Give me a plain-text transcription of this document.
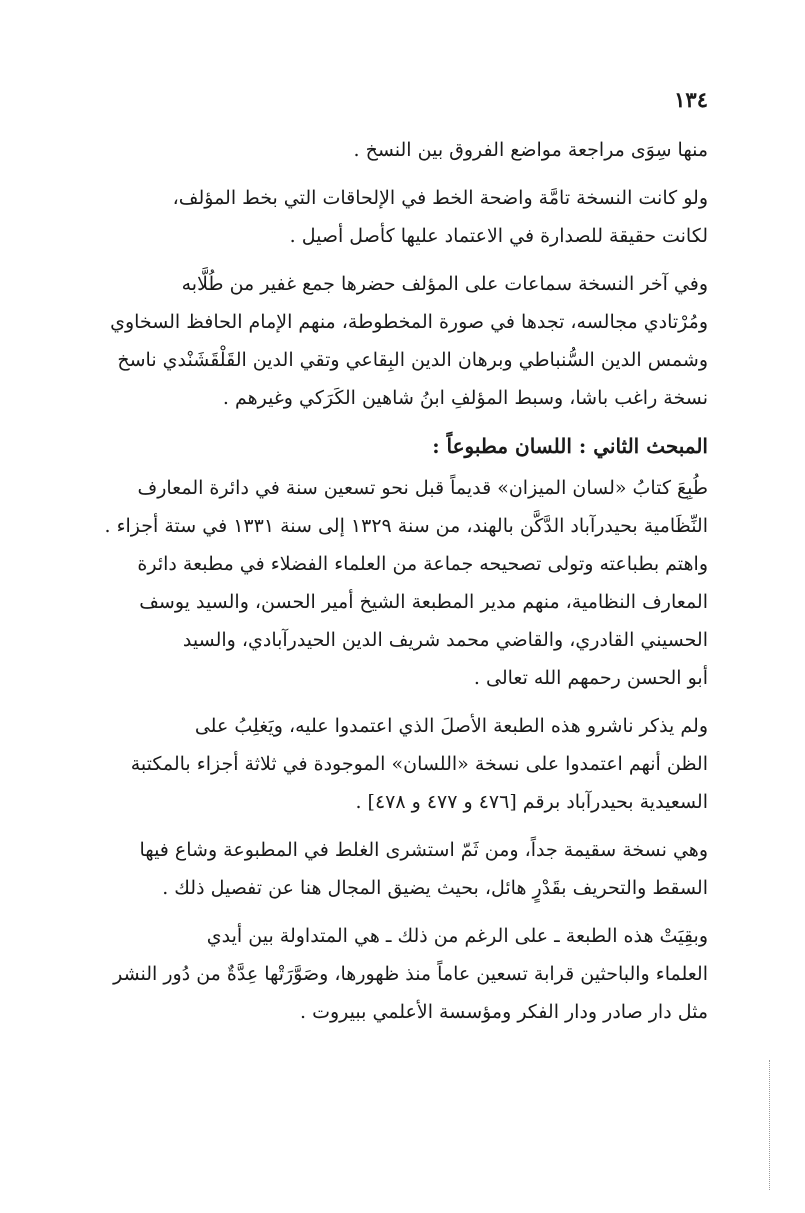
١٣٤
منها سِوَى مراجعة مواضع الفروق بين النسخ .
ولو كانت النسخة تامَّة واضحة الخط في الإلحاقات التي بخط المؤلف،
لكانت حقيقة للصدارة في الاعتماد عليها كأصل أصيل .
وفي آخر النسخة سماعات على المؤلف حضرها جمع غفير من طُلَّابه
ومُرْتادي مجالسه، تجدها في صورة المخطوطة، منهم الإمام الحافظ السخاوي
وشمس الدين السُّنباطي وبرهان الدين البِقاعي وتقي الدين القَلْقَشَنْدي ناسخ
نسخة راغب باشا، وسبط المؤلفِ ابنُ شاهين الكَرَكي وغيرهم .
المبحث الثاني : اللسان مطبوعاً :
طُبِعَ كتابُ «لسان الميزان» قديماً قبل نحو تسعين سنة في دائرة المعارف
النِّظَامية بحيدرآباد الدَّكَّن بالهند، من سنة ١٣٢٩ إلى سنة ١٣٣١ في ستة أجزاء .
واهتم بطباعته وتولى تصحيحه جماعة من العلماء الفضلاء في مطبعة دائرة
المعارف النظامية، منهم مدير المطبعة الشيخ أمير الحسن، والسيد يوسف
الحسيني القادري، والقاضي محمد شريف الدين الحيدرآبادي، والسيد
أبو الحسن رحمهم الله تعالى .
ولم يذكر ناشرو هذه الطبعة الأصلَ الذي اعتمدوا عليه، ويَغلِبُ على
الظن أنهم اعتمدوا على نسخة «اللسان» الموجودة في ثلاثة أجزاء بالمكتبة
السعيدية بحيدرآباد برقم [٤٧٦ و ٤٧٧ و ٤٧٨] .
وهي نسخة سقيمة جداً، ومن ثَمّ استشرى الغلط في المطبوعة وشاع فيها
السقط والتحريف بقَدْرٍ هائل، بحيث يضيق المجال هنا عن تفصيل ذلك .
وبقِيَتْ هذه الطبعة ـ على الرغم من ذلك ـ هي المتداولة بين أيدي
العلماء والباحثين قرابة تسعين عاماً منذ ظهورها، وصَوَّرَتْها عِدَّةٌ من دُور النشر
مثل دار صادر ودار الفكر ومؤسسة الأعلمي ببيروت .
